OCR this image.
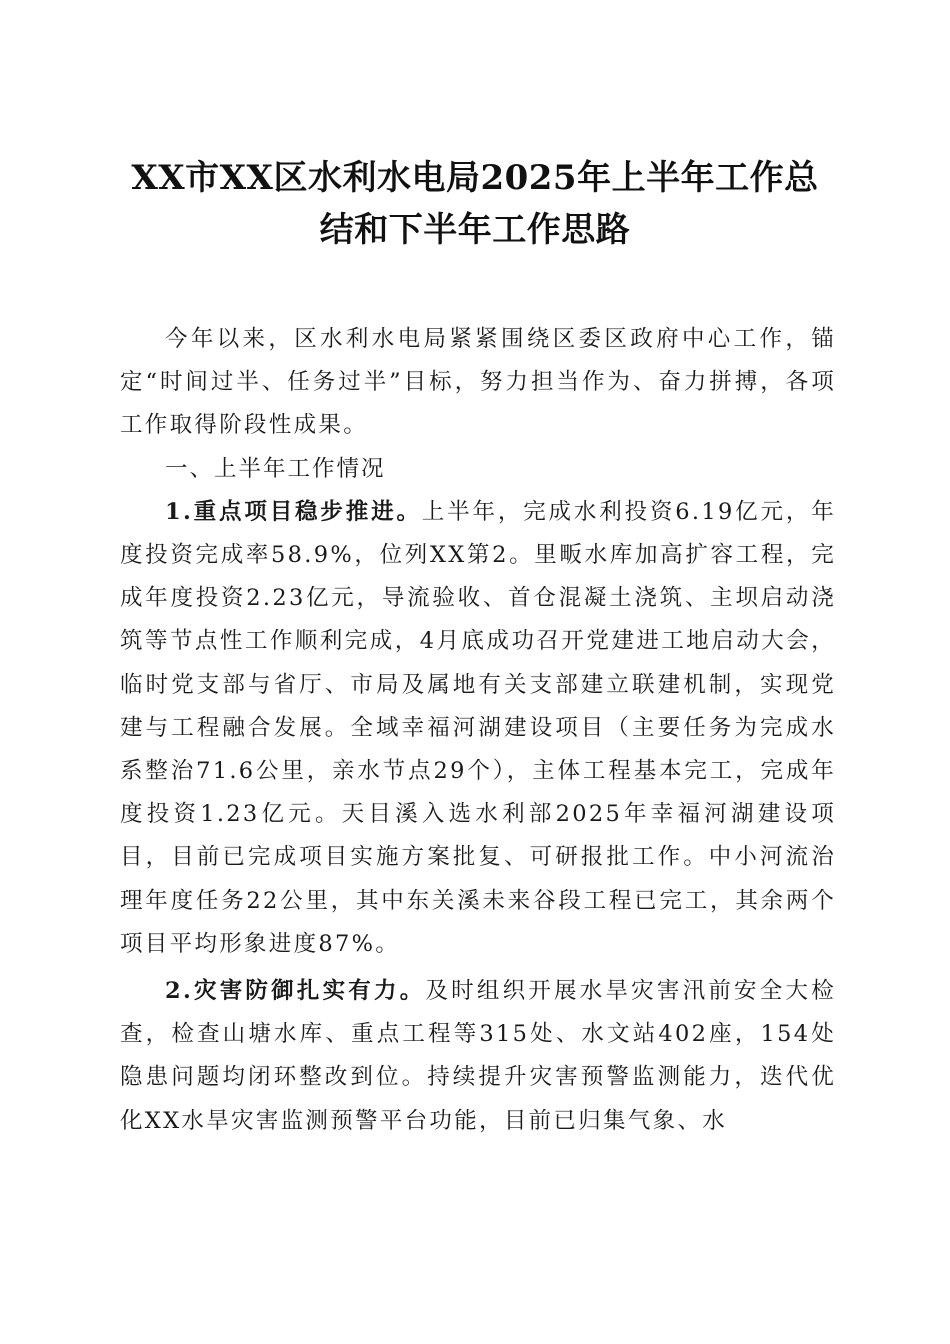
XX市XX区水利水电局2025年上半年工作总
结和下半年工作思路

今年以来，区水利水电局紧紧围绕区委区政府中心工作，锚定“时间过半、任务过半”目标，努力担当作为、奋力拼搏，各项工作取得阶段性成果。

一、上半年工作情况

1.重点项目稳步推进。上半年，完成水利投资6.19亿元，年度投资完成率58.9%，位列XX第2。里畈水库加高扩容工程，完成年度投资2.23亿元，导流验收、首仓混凝土浇筑、主坝启动浇筑等节点性工作顺利完成，4月底成功召开党建进工地启动大会，临时党支部与省厅、市局及属地有关支部建立联建机制，实现党建与工程融合发展。全域幸福河湖建设项目（主要任务为完成水系整治71.6公里，亲水节点29个），主体工程基本完工，完成年度投资1.23亿元。天目溪入选水利部2025年幸福河湖建设项目，目前已完成项目实施方案批复、可研报批工作。中小河流治理年度任务22公里，其中东关溪未来谷段工程已完工，其余两个项目平均形象进度87%。

2.灾害防御扎实有力。及时组织开展水旱灾害汛前安全大检查，检查山塘水库、重点工程等315处、水文站402座，154处隐患问题均闭环整改到位。持续提升灾害预警监测能力，迭代优化XX水旱灾害监测预警平台功能，目前已归集气象、水
